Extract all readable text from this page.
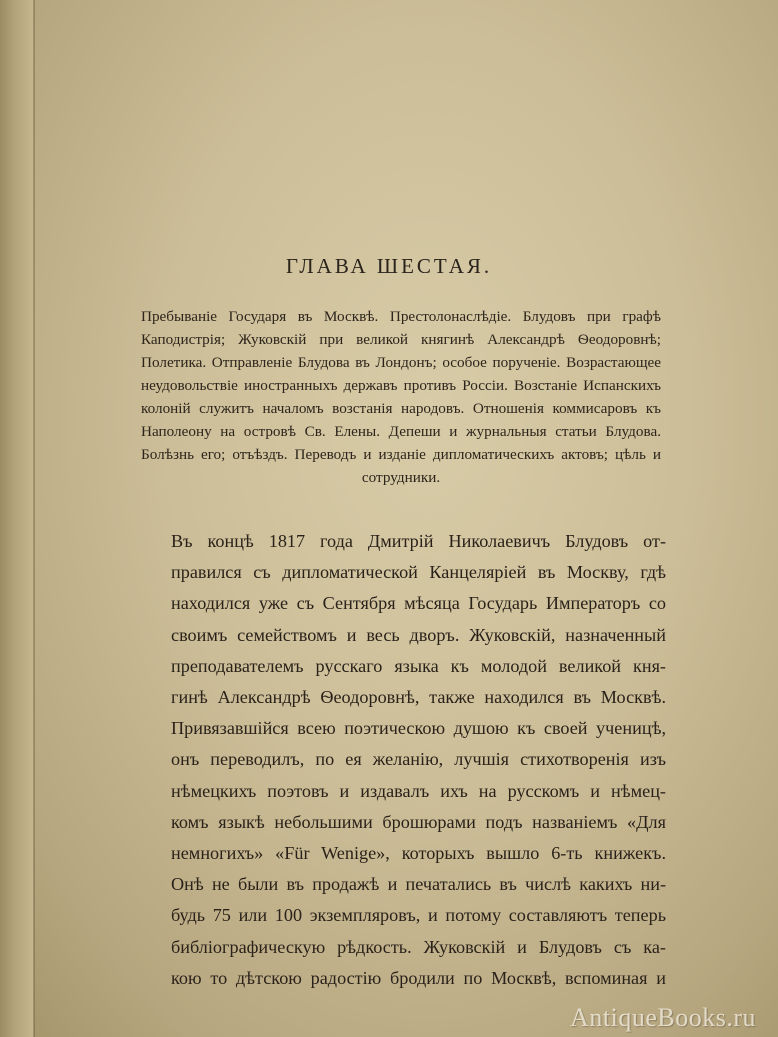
ГЛАВА ШЕСТАЯ.
Пребываніе Государя въ Москвѣ. Престолонаслѣдіе. Блудовъ при графѣ Каподистрія; Жуковскій при великой княгинѣ Александрѣ Ѳеодоровнѣ; Полетика. Отправленіе Блудова въ Лондонъ; особое порученіе. Возрастающее неудовольствіе иностранныхъ державъ противъ Россіи. Возстаніе Испанскихъ колоній служитъ началомъ возстанія народовъ. Отношенія коммисаровъ къ Наполеону на островѣ Св. Елены. Депеши и журнальныя статьи Блудова. Болѣзнь его; отъѣздъ. Переводъ и изданіе дипломатическихъ актовъ; цѣль и сотрудники.
Въ концѣ 1817 года Дмитрій Николаевичъ Блудовъ от-
правился съ дипломатической Канцеляріей въ Москву, гдѣ
находился уже съ Сентября мѣсяца Государь Императоръ со
своимъ семействомъ и весь дворъ. Жуковскій, назначенный
преподавателемъ русскаго языка къ молодой великой кня-
гинѣ Александрѣ Ѳеодоровнѣ, также находился въ Москвѣ.
Привязавшійся всею поэтическою душою къ своей ученицѣ,
онъ переводилъ, по ея желанію, лучшія стихотворенія изъ
нѣмецкихъ поэтовъ и издавалъ ихъ на русскомъ и нѣмец-
комъ языкѣ небольшими брошюрами подъ названіемъ «Для
немногихъ» «Für Wenige», которыхъ вышло 6-ть книжекъ.
Онѣ не были въ продажѣ и печатались въ числѣ какихъ ни-
будь 75 или 100 экземпляровъ, и потому составляютъ теперь
библіографическую рѣдкость. Жуковскій и Блудовъ съ ка-
кою то дѣтскою радостію бродили по Москвѣ, вспоминая и
AntiqueBooks.ru
